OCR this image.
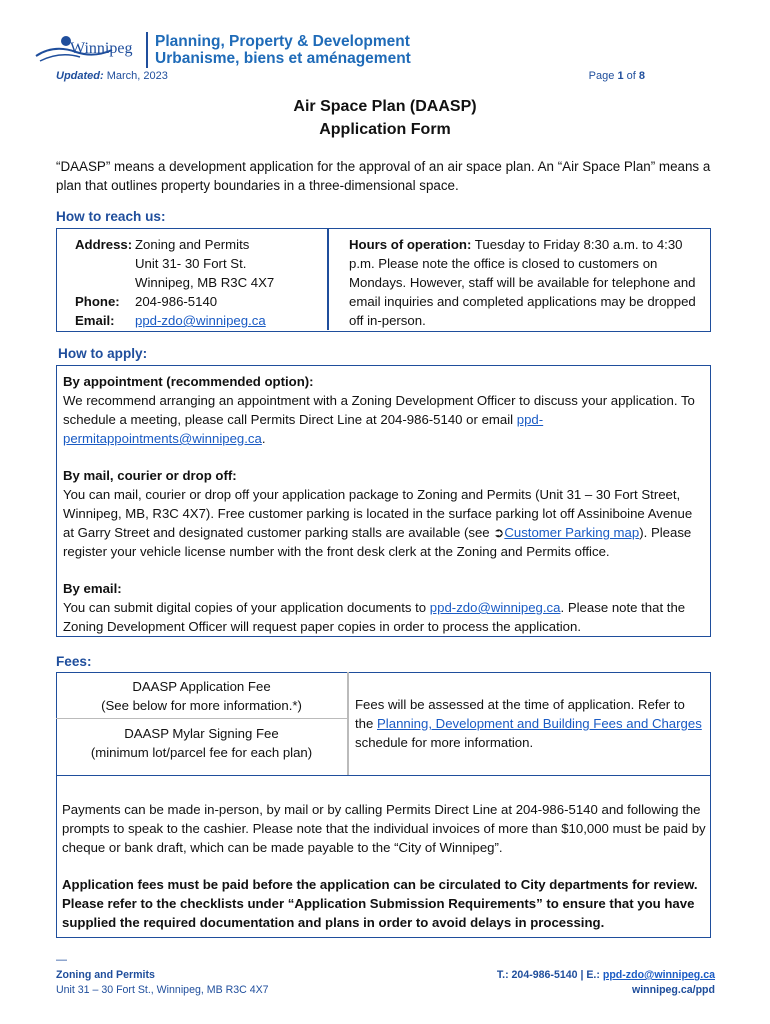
Winnipeg Planning, Property & Development
Urbanisme, biens et aménagement
Updated: March, 2023	Page 1 of 8
Air Space Plan (DAASP)
Application Form
“DAASP” means a development application for the approval of an air space plan. An “Air Space Plan” means a plan that outlines property boundaries in a three-dimensional space.
How to reach us:
Address: Zoning and Permits
Unit 31- 30 Fort St.
Winnipeg, MB R3C 4X7
Phone:	204-986-5140
Email:	ppd-zdo@winnipeg.ca
Hours of operation: Tuesday to Friday 8:30 a.m. to 4:30 p.m. Please note the office is closed to customers on Mondays. However, staff will be available for telephone and email inquiries and completed applications may be dropped off in-person.
How to apply:

By appointment (recommended option):
We recommend arranging an appointment with a Zoning Development Officer to discuss your application. To schedule a meeting, please call Permits Direct Line at 204-986-5140 or email ppd-permitappointments@winnipeg.ca.

By mail, courier or drop off:
You can mail, courier or drop off your application package to Zoning and Permits (Unit 31 – 30 Fort Street, Winnipeg, MB, R3C 4X7). Free customer parking is located in the surface parking lot off Assiniboine Avenue at Garry Street and designated customer parking stalls are available (see ➲Customer Parking map). Please register your vehicle license number with the front desk clerk at the Zoning and Permits office.

By email:
You can submit digital copies of your application documents to ppd-zdo@winnipeg.ca. Please note that the Zoning Development Officer will request paper copies in order to process the application.

Fees:
DAASP Application Fee
(See below for more information.*)
DAASP Mylar Signing Fee
(minimum lot/parcel fee for each plan)
Fees will be assessed at the time of application. Refer to the Planning, Development and Building Fees and Charges schedule for more information.

Payments can be made in-person, by mail or by calling Permits Direct Line at 204-986-5140 and following the prompts to speak to the cashier. Please note that the individual invoices of more than $10,000 must be paid by cheque or bank draft, which can be made payable to the “City of Winnipeg”.

Application fees must be paid before the application can be circulated to City departments for review. Please refer to the checklists under “Application Submission Requirements” to ensure that you have supplied the required documentation and plans in order to avoid delays in processing.

—
Zoning and Permits
Unit 31 – 30 Fort St., Winnipeg, MB R3C 4X7
T.: 204-986-5140 | E.: ppd-zdo@winnipeg.ca
winnipeg.ca/ppd
